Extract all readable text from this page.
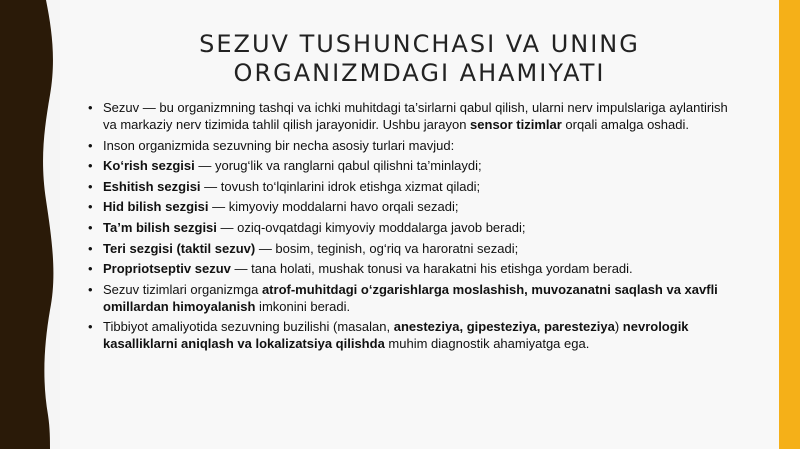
SEZUV TUSHUNCHASI VA UNING
ORGANIZMDAGI AHAMIYATI
• Sezuv — bu organizmning tashqi va ichki muhitdagi ta’sirlarni qabul qilish, ularni nerv impulslariga aylantirish va markaziy nerv tizimida tahlil qilish jarayonidir. Ushbu jarayon sensor tizimlar orqali amalga oshadi.
• Inson organizmida sezuvning bir necha asosiy turlari mavjud:
• Ko‘rish sezgisi — yorug‘lik va ranglarni qabul qilishni ta’minlaydi;
• Eshitish sezgisi — tovush to‘lqinlarini idrok etishga xizmat qiladi;
• Hid bilish sezgisi — kimyoviy moddalarni havo orqali sezadi;
• Ta’m bilish sezgisi — oziq-ovqatdagi kimyoviy moddalarga javob beradi;
• Teri sezgisi (taktil sezuv) — bosim, teginish, og‘riq va haroratni sezadi;
• Propriotseptiv sezuv — tana holati, mushak tonusi va harakatni his etishga yordam beradi.
• Sezuv tizimlari organizmga atrof-muhitdagi o‘zgarishlarga moslashish, muvozanatni saqlash va xavfli omillardan himoyalanish imkonini beradi.
• Tibbiyot amaliyotida sezuvning buzilishi (masalan, anesteziya, gipesteziya, paresteziya) nevrologik kasalliklarni aniqlash va lokalizatsiya qilishda muhim diagnostik ahamiyatga ega.
